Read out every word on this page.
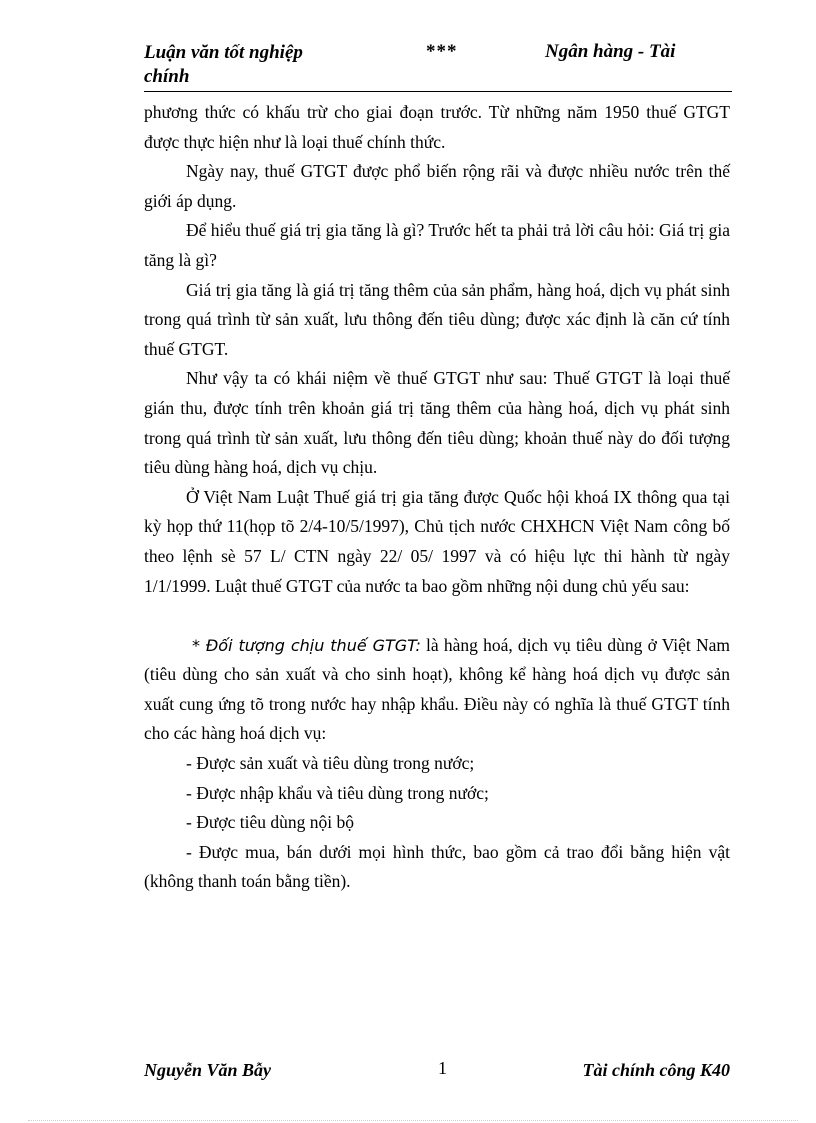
Luận văn tốt nghiệp chính
***	Ngân hàng - Tài

phương thức có khấu trừ cho giai đoạn trước. Từ những năm 1950 thuế GTGT được thực hiện như là loại thuế chính thức.

Ngày nay, thuế GTGT được phổ biến rộng rãi và được nhiều nước trên thế giới áp dụng.

Để hiểu thuế giá trị gia tăng là gì? Trước hết ta phải trả lời câu hỏi: Giá trị gia tăng là gì?

Giá trị gia tăng là giá trị tăng thêm của sản phẩm, hàng hoá, dịch vụ phát sinh trong quá trình từ sản xuất, lưu thông đến tiêu dùng; được xác định là căn cứ tính thuế GTGT.

Như vậy ta có khái niệm về thuế GTGT như sau: Thuế GTGT là loại thuế gián thu, được tính trên khoản giá trị tăng thêm của hàng hoá, dịch vụ phát sinh trong quá trình từ sản xuất, lưu thông đến tiêu dùng; khoản thuế này do đối tượng tiêu dùng hàng hoá, dịch vụ chịu.

Ở Việt Nam Luật Thuế giá trị gia tăng được Quốc hội khoá IX thông qua tại kỳ họp thứ 11(họp tõ 2/4-10/5/1997), Chủ tịch nước CHXHCN Việt Nam công bố theo lệnh sè 57 L/ CTN ngày 22/ 05/ 1997 và có hiệu lực thi hành từ ngày 1/1/1999. Luật thuế GTGT của nước ta bao gồm những nội dung chủ yếu sau:

* Đối tượng chịu thuế GTGT: là hàng hoá, dịch vụ tiêu dùng ở Việt Nam (tiêu dùng cho sản xuất và cho sinh hoạt), không kể hàng hoá dịch vụ được sản xuất cung ứng tõ trong nước hay nhập khẩu. Điều này có nghĩa là thuế GTGT tính cho các hàng hoá dịch vụ:

- Được sản xuất và tiêu dùng trong nước;

- Được nhập khẩu và tiêu dùng trong nước;

- Được tiêu dùng nội bộ

- Được mua, bán dưới mọi hình thức, bao gồm cả trao đổi bằng hiện vật (không thanh toán bằng tiền).

Nguyễn Văn Bẫy	1	Tài chính công K40
